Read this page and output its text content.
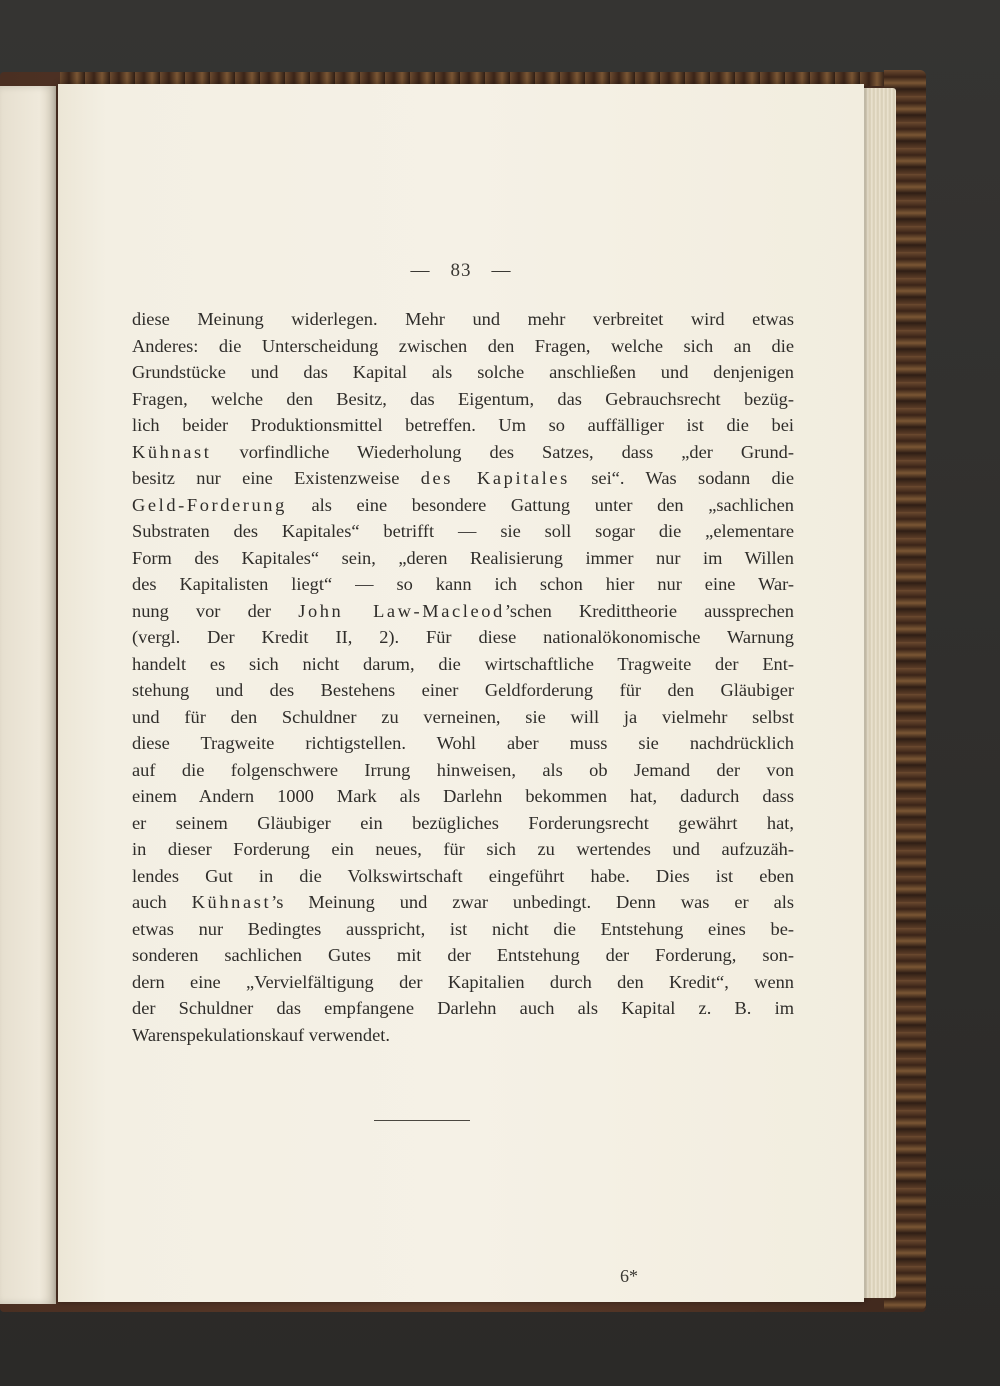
— 83 —
diese Meinung widerlegen. Mehr und mehr verbreitet wird etwas
Anderes: die Unterscheidung zwischen den Fragen, welche sich an die
Grundstücke und das Kapital als solche anschließen und denjenigen
Fragen, welche den Besitz, das Eigentum, das Gebrauchsrecht bezüg-
lich beider Produktionsmittel betreffen. Um so auffälliger ist die bei
Kühnast vorfindliche Wiederholung des Satzes, dass „der Grund-
besitz nur eine Existenzweise des Kapitales sei“. Was sodann die
Geld-Forderung als eine besondere Gattung unter den „sachlichen
Substraten des Kapitales“ betrifft — sie soll sogar die „elementare
Form des Kapitales“ sein, „deren Realisierung immer nur im Willen
des Kapitalisten liegt“ — so kann ich schon hier nur eine War-
nung vor der John Law-Macleod’schen Kredittheorie aussprechen
(vergl. Der Kredit II, 2). Für diese nationalökonomische Warnung
handelt es sich nicht darum, die wirtschaftliche Tragweite der Ent-
stehung und des Bestehens einer Geldforderung für den Gläubiger
und für den Schuldner zu verneinen, sie will ja vielmehr selbst
diese Tragweite richtigstellen. Wohl aber muss sie nachdrücklich
auf die folgenschwere Irrung hinweisen, als ob Jemand der von
einem Andern 1000 Mark als Darlehn bekommen hat, dadurch dass
er seinem Gläubiger ein bezügliches Forderungsrecht gewährt hat,
in dieser Forderung ein neues, für sich zu wertendes und aufzuzäh-
lendes Gut in die Volkswirtschaft eingeführt habe. Dies ist eben
auch Kühnast’s Meinung und zwar unbedingt. Denn was er als
etwas nur Bedingtes ausspricht, ist nicht die Entstehung eines be-
sonderen sachlichen Gutes mit der Entstehung der Forderung, son-
dern eine „Vervielfältigung der Kapitalien durch den Kredit“, wenn
der Schuldner das empfangene Darlehn auch als Kapital z. B. im
Warenspekulationskauf verwendet.
6*
